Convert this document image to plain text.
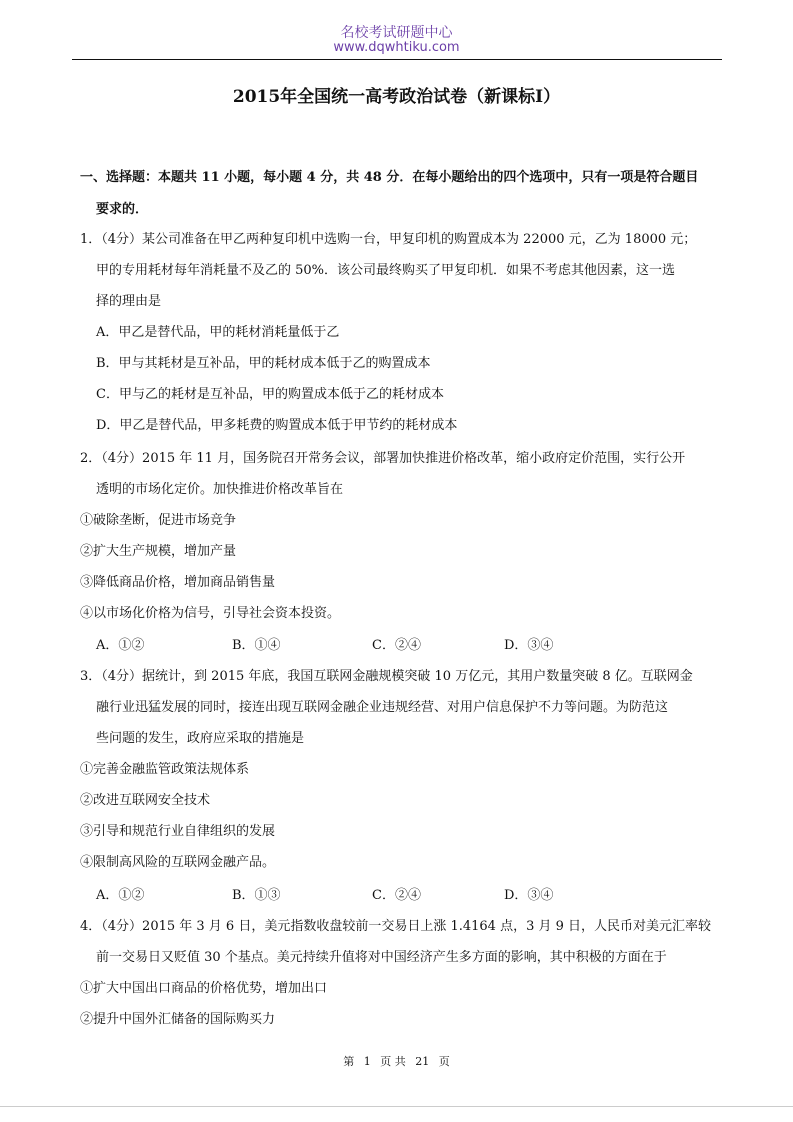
名校考试研题中心
www.dqwhtiku.com
2015年全国统一高考政治试卷（新课标Ⅰ）
一、选择题：本题共 11 小题，每小题 4 分，共 48 分．在每小题给出的四个选项中，只有一项是符合题目
要求的．
1．（4分）某公司准备在甲乙两种复印机中选购一台，甲复印机的购置成本为 22000 元，乙为 18000 元；
甲的专用耗材每年消耗量不及乙的 50%．该公司最终购买了甲复印机．如果不考虑其他因素，这一选
择的理由是
A．甲乙是替代品，甲的耗材消耗量低于乙
B．甲与其耗材是互补品，甲的耗材成本低于乙的购置成本
C．甲与乙的耗材是互补品，甲的购置成本低于乙的耗材成本
D．甲乙是替代品，甲多耗费的购置成本低于甲节约的耗材成本
2．（4分）2015 年 11 月，国务院召开常务会议，部署加快推进价格改革，缩小政府定价范围，实行公开
透明的市场化定价。加快推进价格改革旨在
①破除垄断，促进市场竞争
②扩大生产规模，增加产量
③降低商品价格，增加商品销售量
④以市场化价格为信号，引导社会资本投资。
A．①②	B．①④	C．②④	D．③④
3．（4分）据统计，到 2015 年底，我国互联网金融规模突破 10 万亿元，其用户数量突破 8 亿。互联网金
融行业迅猛发展的同时，接连出现互联网金融企业违规经营、对用户信息保护不力等问题。为防范这
些问题的发生，政府应采取的措施是
①完善金融监管政策法规体系
②改进互联网安全技术
③引导和规范行业自律组织的发展
④限制高风险的互联网金融产品。
A．①②	B．①③	C．②④	D．③④
4．（4分）2015 年 3 月 6 日，美元指数收盘较前一交易日上涨 1.4164 点，3 月 9 日，人民币对美元汇率较
前一交易日又贬值 30 个基点。美元持续升值将对中国经济产生多方面的影响，其中积极的方面在于
①扩大中国出口商品的价格优势，增加出口
②提升中国外汇储备的国际购买力
第 1 页 共 21 页
